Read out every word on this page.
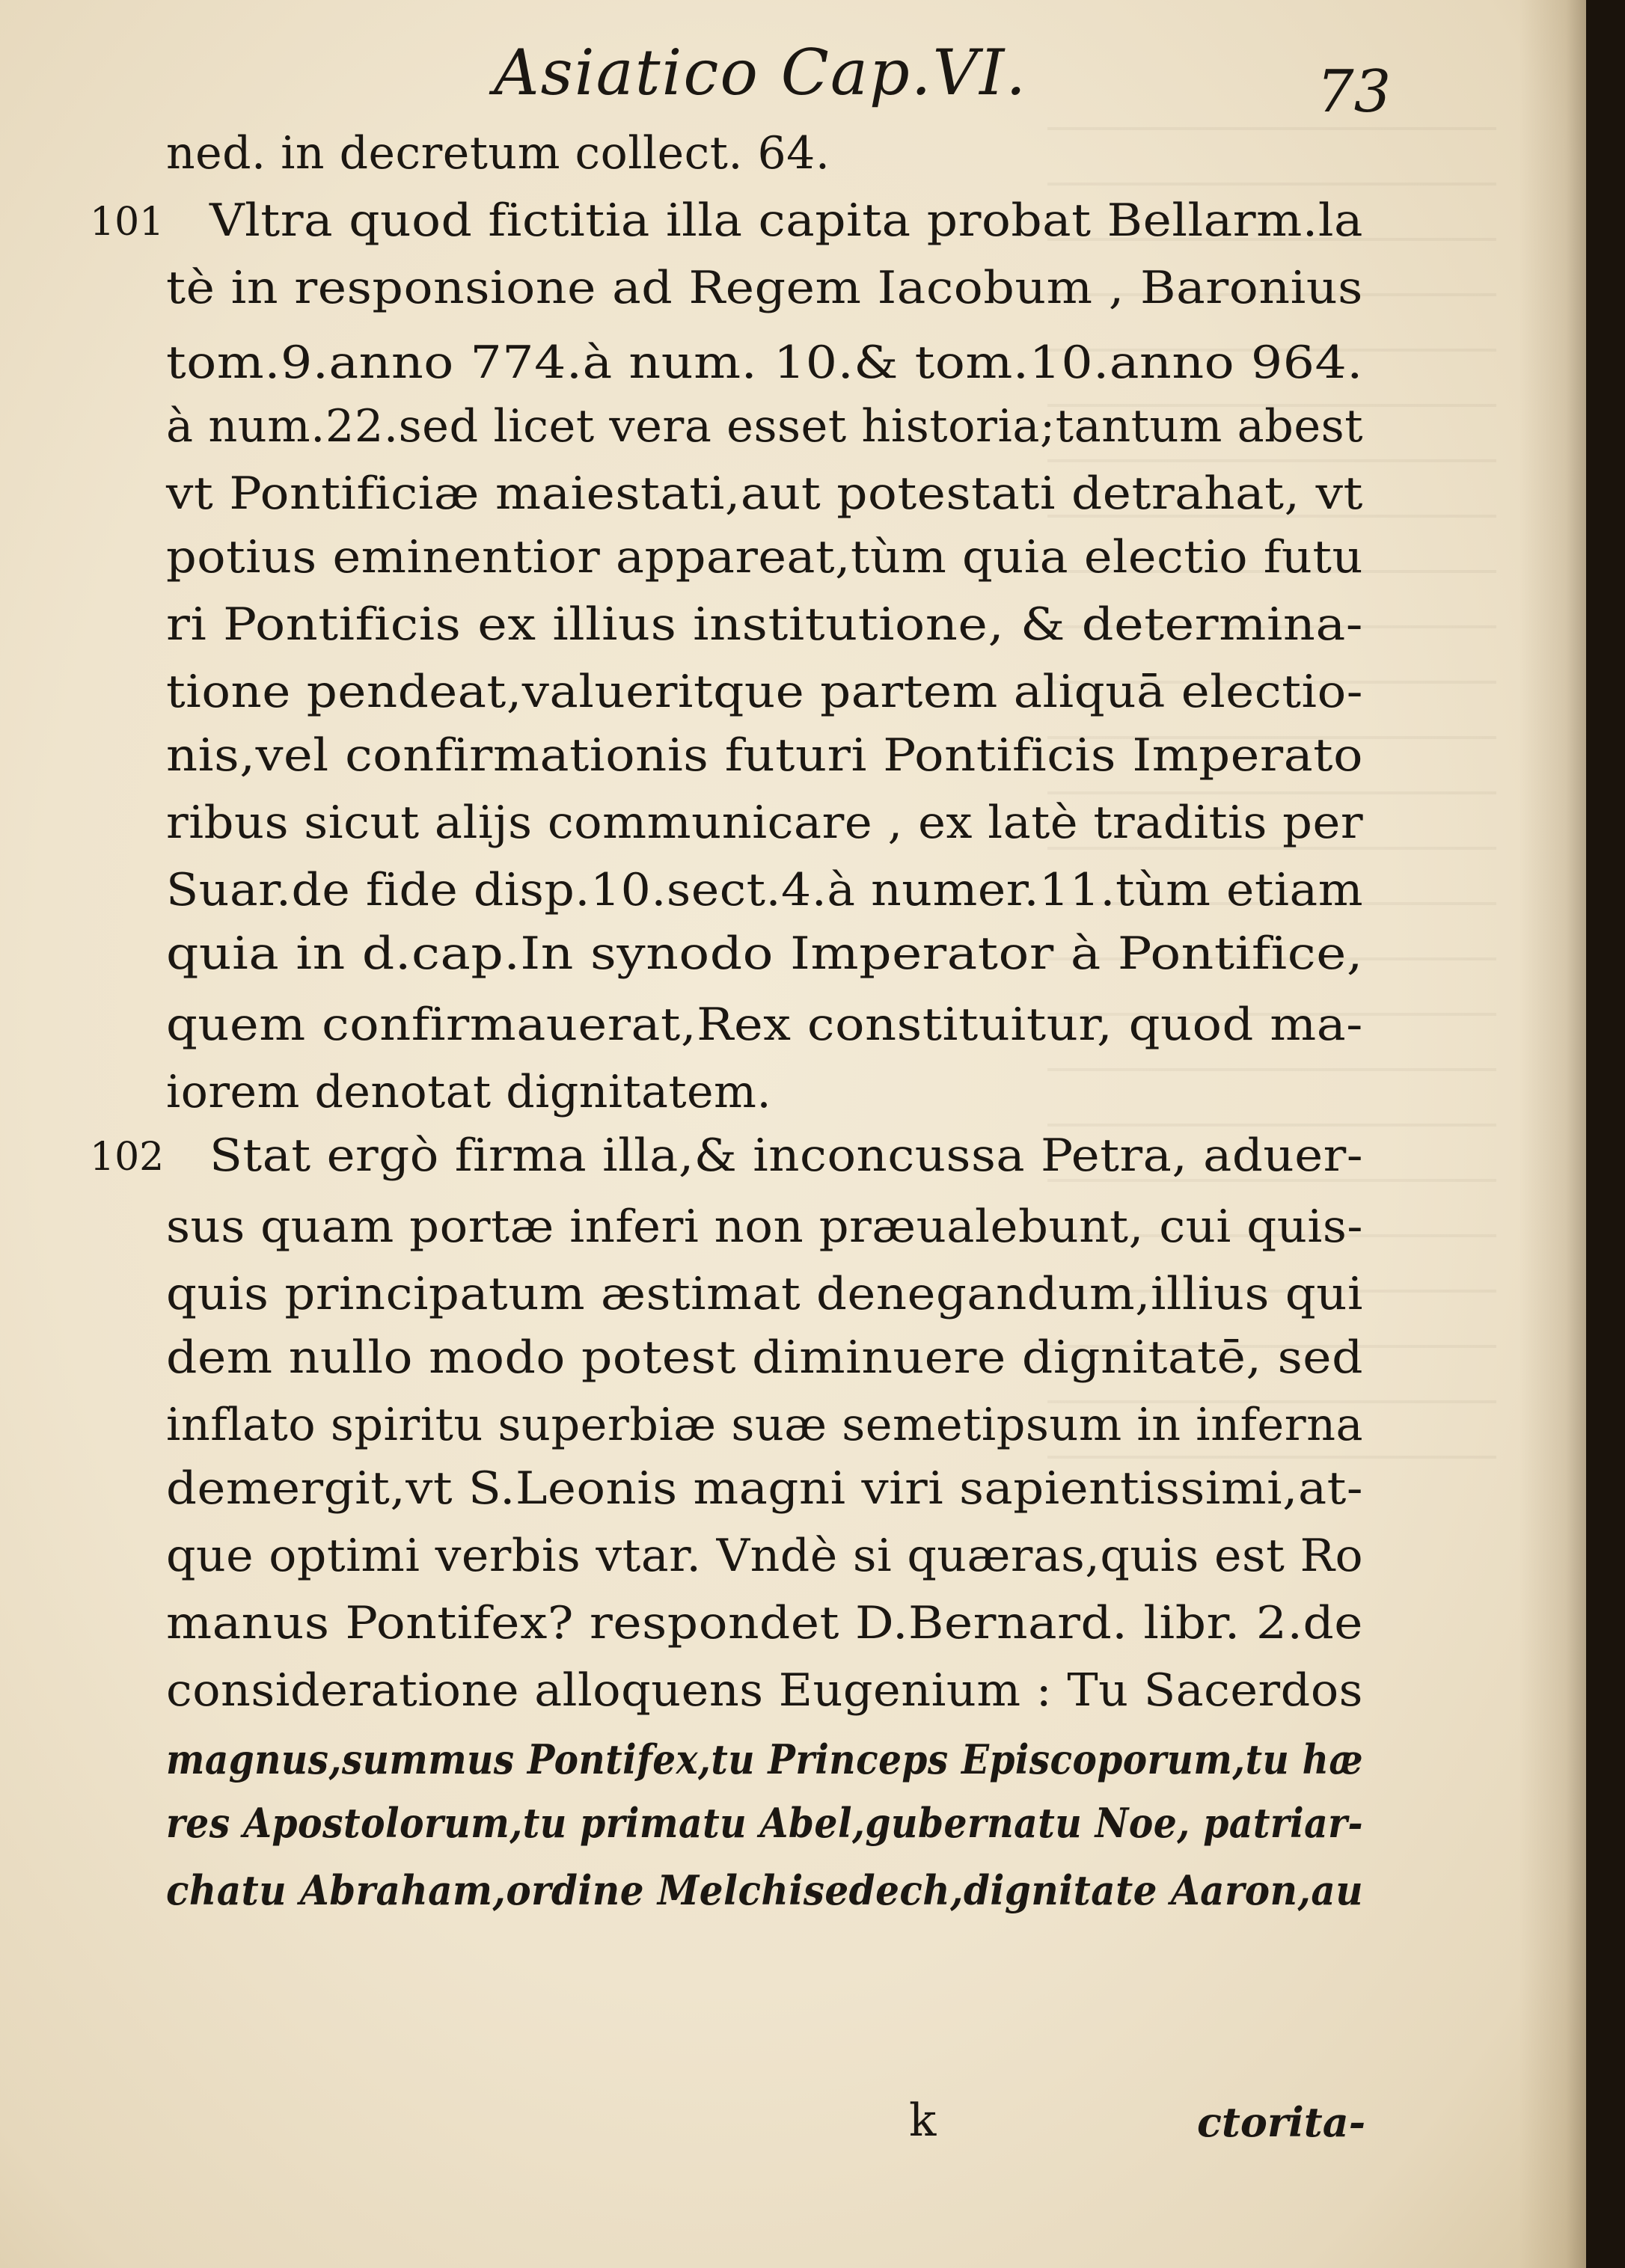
Asiatico Cap.VI.	73
ned. in decretum collect. 64.
101 Vltra quod fictitia illa capita probat Bellarm.la
tè in responsione ad Regem Iacobum , Baronius
tom.9.anno 774.à num. 10.& tom.10.anno 964.
à num.22.sed licet vera esset historia;tantum abest
vt Pontificiæ maiestati,aut potestati detrahat, vt
potius eminentior appareat,tùm quia electio futu
ri Pontificis ex illius institutione, & determina-
tione pendeat,valueritque partem aliquā electio-
nis,vel confirmationis futuri Pontificis Imperato
ribus sicut alijs communicare , ex latè traditis per
Suar.de fide disp.10.sect.4.à numer.11.tùm etiam
quia in d.cap.In synodo Imperator à Pontifice,
quem confirmauerat,Rex constituitur, quod ma-
iorem denotat dignitatem.
102 Stat ergò firma illa,& inconcussa Petra, aduer-
sus quam portæ inferi non præualebunt, cui quis-
quis principatum æstimat denegandum,illius qui
dem nullo modo potest diminuere dignitatē, sed
inflato spiritu superbiæ suæ semetipsum in inferna
demergit,vt S.Leonis magni viri sapientissimi,at-
que optimi verbis vtar. Vndè si quæras,quis est Ro
manus Pontifex? respondet D.Bernard. libr. 2.de
consideratione alloquens Eugenium : Tu Sacerdos
magnus,summus Pontifex,tu Princeps Episcoporum,tu hæ
res Apostolorum,tu primatu Abel,gubernatu Noe, patriar-
chatu Abraham,ordine Melchisedech,dignitate Aaron,au
k	ctorita-
